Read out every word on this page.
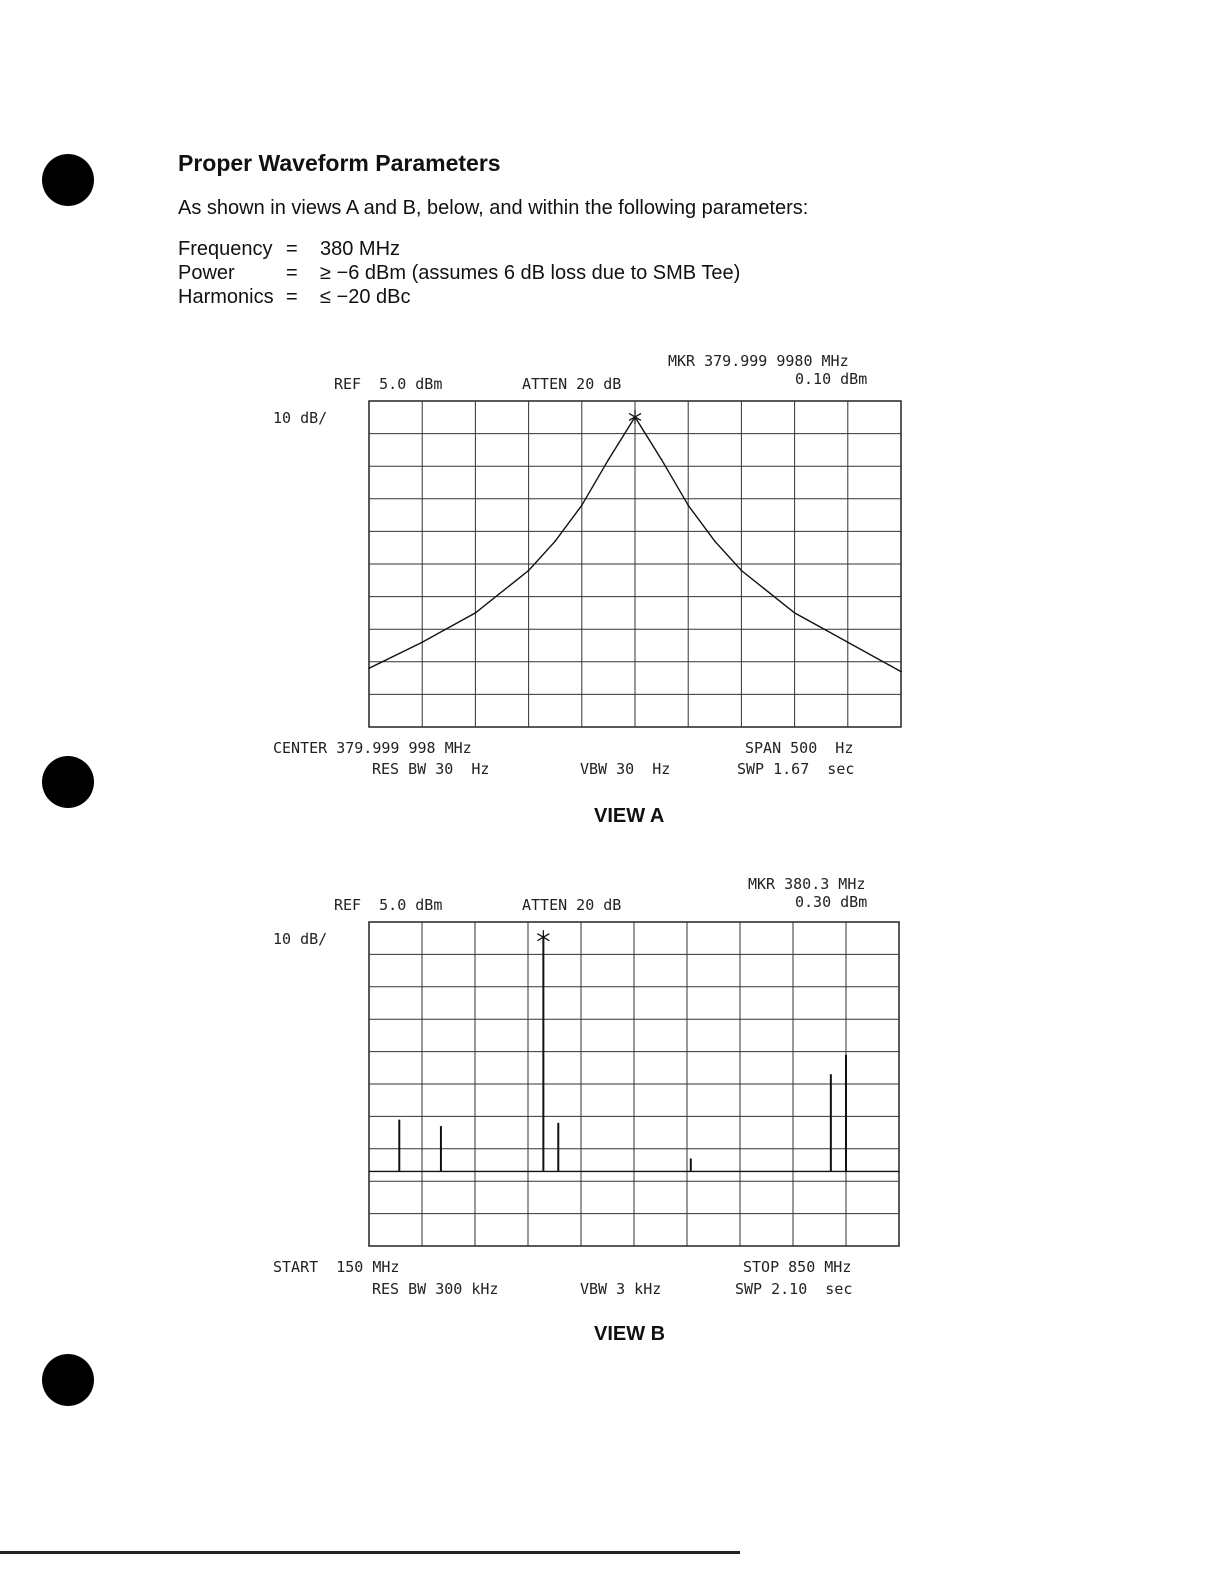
Proper Waveform Parameters
As shown in views A and B, below, and within the following parameters:
Frequency = 380 MHz
Power	= ≥ −6 dBm (assumes 6 dB loss due to SMB Tee)
Harmonics = ≤ −20 dBc
MKR 379.999 9980 MHz
0.10 dBm
REF  5.0 dBm	ATTEN 20 dB
10 dB/
CENTER 379.999 998 MHz	SPAN 500  Hz
RES BW 30  Hz	VBW 30  Hz	SWP 1.67  sec
VIEW A
MKR 380.3 MHz
0.30 dBm
REF  5.0 dBm	ATTEN 20 dB
10 dB/
START  150 MHz	STOP 850 MHz
RES BW 300 kHz	VBW 3 kHz	SWP 2.10  sec
VIEW B
